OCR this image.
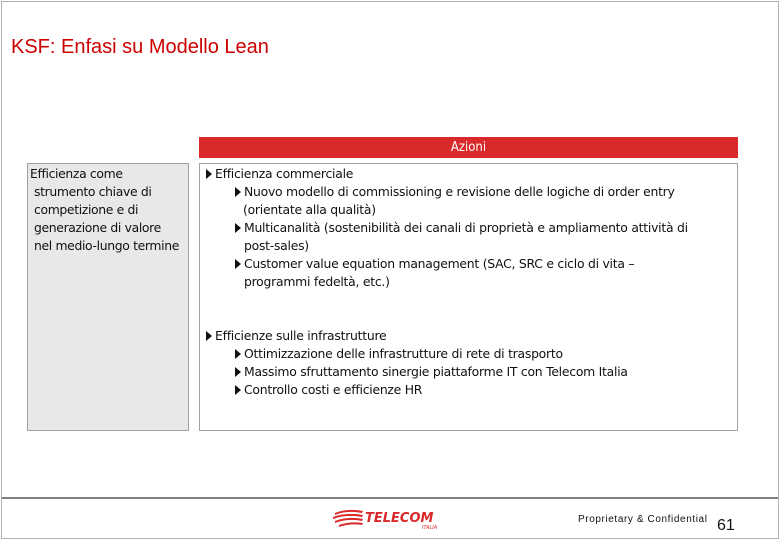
KSF: Enfasi su Modello Lean
Azioni
Efficienza come
strumento chiave di
competizione e di
generazione di valore
nel medio-lungo termine
Efficienza commerciale
Nuovo modello di commissioning e revisione delle logiche di order entry
(orientate alla qualità)
Multicanalità (sostenibilità dei canali di proprietà e ampliamento attività di
post-sales)
Customer value equation management (SAC, SRC e ciclo di vita –
programmi fedeltà, etc.)
Efficienze sulle infrastrutture
Ottimizzazione delle infrastrutture di rete di trasporto
Massimo sfruttamento sinergie piattaforme IT con Telecom Italia
Controllo costi e efficienze HR
TELECOM
ITALIA
Proprietary & Confidential 61
